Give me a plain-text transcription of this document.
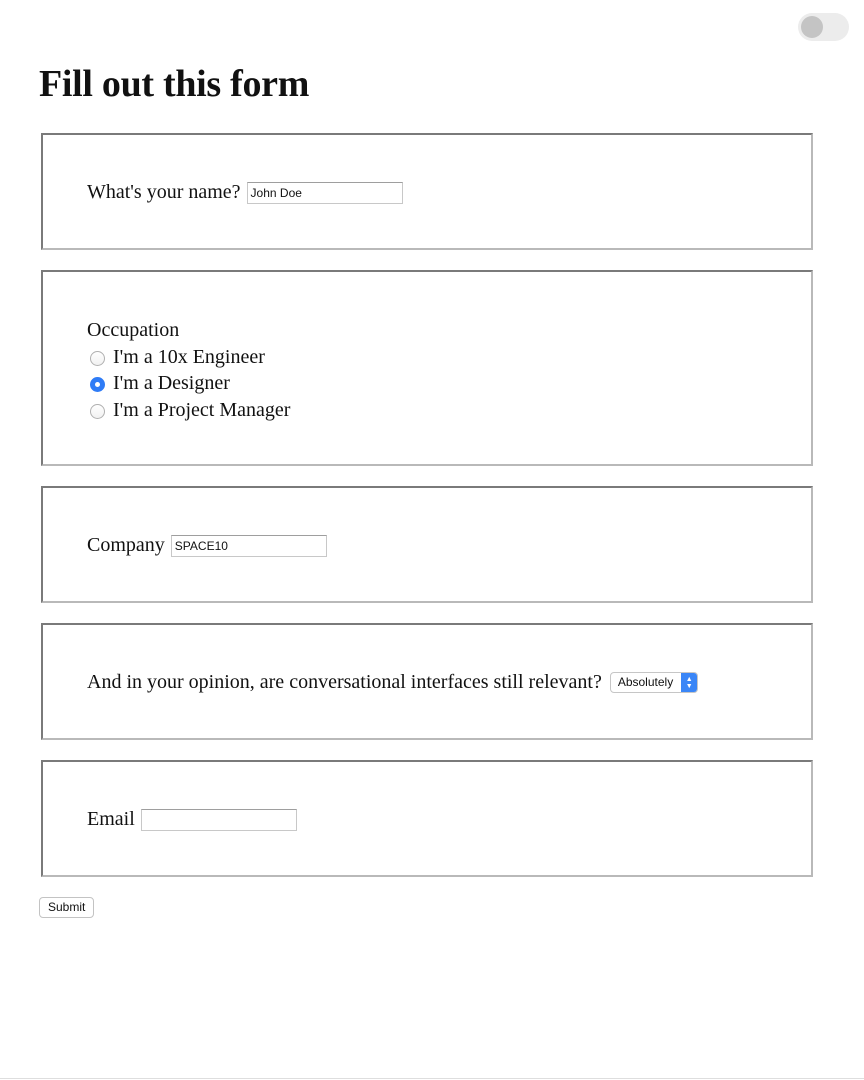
Fill out this form
What's your name? John Doe
Occupation
I'm a 10x Engineer
I'm a Designer
I'm a Project Manager
Company SPACE10
And in your opinion, are conversational interfaces still relevant?	Absolutely	▲
▼
Email
Submit
